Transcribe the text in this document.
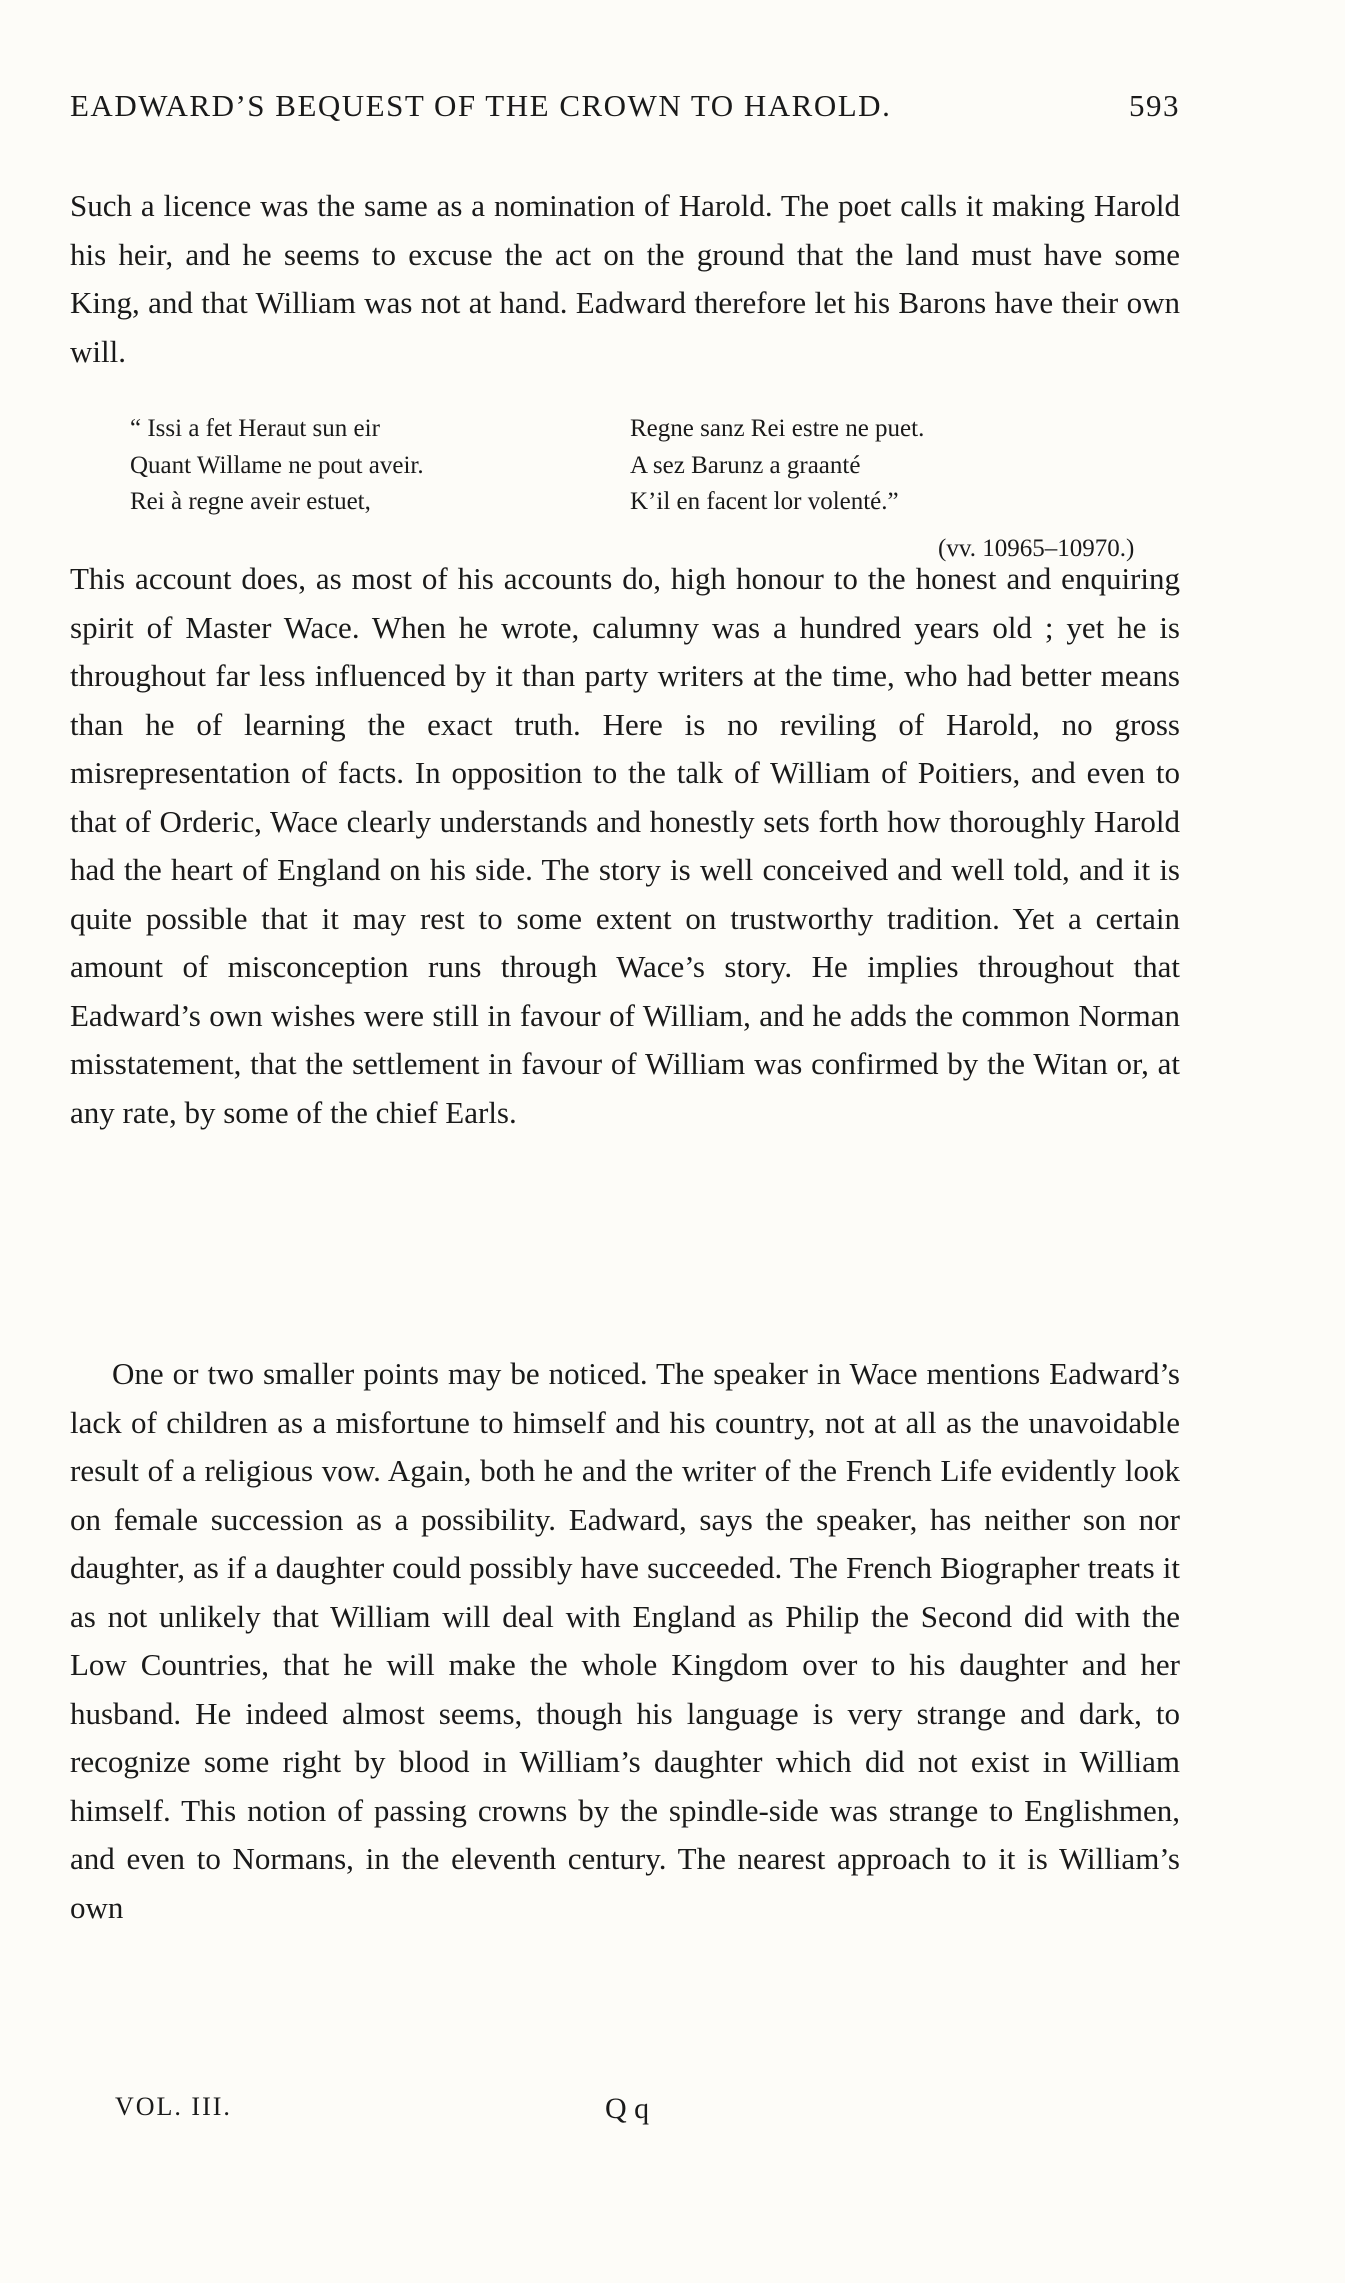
EADWARD’S BEQUEST OF THE CROWN TO HAROLD.	593

Such a licence was the same as a nomination of Harold. The poet calls it making Harold his heir, and he seems to excuse the act on the ground that the land must have some King, and that William was not at hand. Eadward therefore let his Barons have their own will.

“ Issi a fet Heraut sun eir
Quant Willame ne pout aveir.
Rei à regne aveir estuet,
Regne sanz Rei estre ne puet.
A sez Barunz a graanté
K’il en facent lor volenté.”
(vv. 10965–10970.)

This account does, as most of his accounts do, high honour to the honest and enquiring spirit of Master Wace. When he wrote, calumny was a hundred years old ; yet he is throughout far less influenced by it than party writers at the time, who had better means than he of learning the exact truth. Here is no reviling of Harold, no gross misrepresentation of facts. In opposition to the talk of William of Poitiers, and even to that of Orderic, Wace clearly understands and honestly sets forth how thoroughly Harold had the heart of England on his side. The story is well conceived and well told, and it is quite possible that it may rest to some extent on trustworthy tradition. Yet a certain amount of misconception runs through Wace’s story. He implies throughout that Eadward’s own wishes were still in favour of William, and he adds the common Norman misstatement, that the settlement in favour of William was confirmed by the Witan or, at any rate, by some of the chief Earls.

One or two smaller points may be noticed. The speaker in Wace mentions Eadward’s lack of children as a misfortune to himself and his country, not at all as the unavoidable result of a religious vow. Again, both he and the writer of the French Life evidently look on female succession as a possibility. Eadward, says the speaker, has neither son nor daughter, as if a daughter could possibly have succeeded. The French Biographer treats it as not unlikely that William will deal with England as Philip the Second did with the Low Countries, that he will make the whole Kingdom over to his daughter and her husband. He indeed almost seems, though his language is very strange and dark, to recognize some right by blood in William’s daughter which did not exist in William himself. This notion of passing crowns by the spindle-side was strange to Englishmen, and even to Normans, in the eleventh century. The nearest approach to it is William’s own

VOL. III.	Q q
